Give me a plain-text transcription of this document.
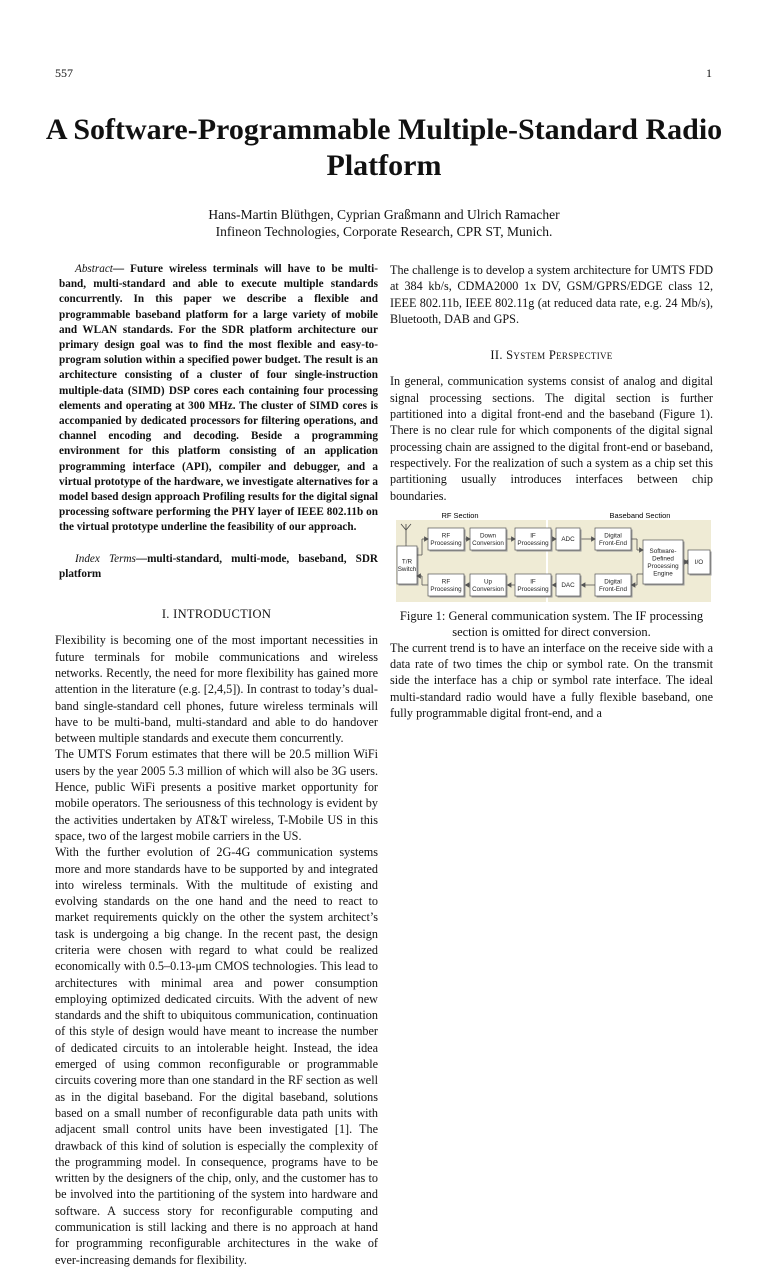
557	1
A Software-Programmable Multiple-Standard Radio Platform
Hans-Martin Blüthgen, Cyprian Graßmann and Ulrich Ramacher
Infineon Technologies, Corporate Research, CPR ST, Munich.

Abstract— Future wireless terminals will have to be multi-band, multi-standard and able to execute multiple standards concurrently. In this paper we describe a flexible and programmable baseband platform for a large variety of mobile and WLAN standards. For the SDR platform architecture our primary design goal was to find the most flexible and easy-to-program solution within a specified power budget. The result is an architecture consisting of a cluster of four single-instruction multiple-data (SIMD) DSP cores each containing four processing elements and operating at 300 MHz. The cluster of SIMD cores is accompanied by dedicated processors for filtering operations, and channel encoding and decoding. Beside a programming environment for this platform consisting of an application programming interface (API), compiler and debugger, and a virtual prototype of the hardware, we investigate alternatives for a model based design approach Profiling results for the digital signal processing software performing the PHY layer of IEEE 802.11b on the virtual prototype underline the feasibility of our approach.

Index Terms—multi-standard, multi-mode, baseband, SDR platform

I. INTRODUCTION

Flexibility is becoming one of the most important necessities in future terminals for mobile communications and wireless networks. Recently, the need for more flexibility has gained more attention in the literature (e.g. [2,4,5]). In contrast to today’s dual-band single-standard cell phones, future wireless terminals will have to be multi-band, multi-standard and able to do handover between multiple standards and execute them concurrently.

The UMTS Forum estimates that there will be 20.5 million WiFi users by the year 2005 5.3 million of which will also be 3G users. Hence, public WiFi presents a positive market opportunity for mobile operators. The seriousness of this technology is evident by the activities undertaken by AT&T wireless, T-Mobile US in this space, two of the largest mobile carriers in the US.

With the further evolution of 2G-4G communication systems more and more standards have to be supported by and integrated into wireless terminals. With the multitude of existing and evolving standards on the one hand and the need to react to market requirements quickly on the other the system architect’s task is undergoing a big change. In the recent past, the design criteria were chosen with regard to what could be realized economically with 0.5–0.13-μm CMOS technologies. This lead to architectures with minimal area and power consumption employing optimized dedicated circuits. With the advent of new standards and the shift to ubiquitous communication, continuation of this style of design would have meant to increase the number of dedicated circuits to an intolerable height. Instead, the idea emerged of using common reconfigurable or programmable circuits covering more than one standard in the RF section as well as in the digital baseband. For the digital baseband, solutions based on a small number of reconfigurable data path units with adjacent small control units have been investigated [1]. The drawback of this kind of solution is especially the complexity of the programming model. In consequence, programs have to be written by the designers of the chip, only, and the customer has to be involved into the partitioning of the system into hardware and software. A success story for reconfigurable computing and communication is still lacking and there is no approach at hand for programming reconfigurable architectures in the wake of ever-increasing demands for flexibility.

The challenge is to develop a system architecture for UMTS FDD at 384 kb/s, CDMA2000 1x DV, GSM/GPRS/EDGE class 12, IEEE 802.11b, IEEE 802.11g (at reduced data rate, e.g. 24 Mb/s), Bluetooth, DAB and GPS.

II. System Perspective

In general, communication systems consist of analog and digital signal processing sections. The digital section is further partitioned into a digital front-end and the baseband (Figure 1). There is no clear rule for which components of the digital signal processing chain are assigned to the digital front-end or baseband, respectively. For the realization of such a system as a chip set this partitioning usually introduces interfaces between chip boundaries.

RF Section	Baseband Section
T/R
Switch
RF
Processing
Down
Conversion
IF
Processing
ADC
Digital
Front-End
RF
Processing
Up
Conversion
IF
Processing
DAC
Digital
Front-End
Software-
Defined
Processing
Engine
I/O
Figure 1: General communication system. The IF processing section is omitted for direct conversion.

The current trend is to have an interface on the receive side with a data rate of two times the chip or symbol rate. On the transmit side the interface has a chip or symbol rate interface. The ideal multi-standard radio would have a fully flexible baseband, one fully programmable digital front-end, and a
